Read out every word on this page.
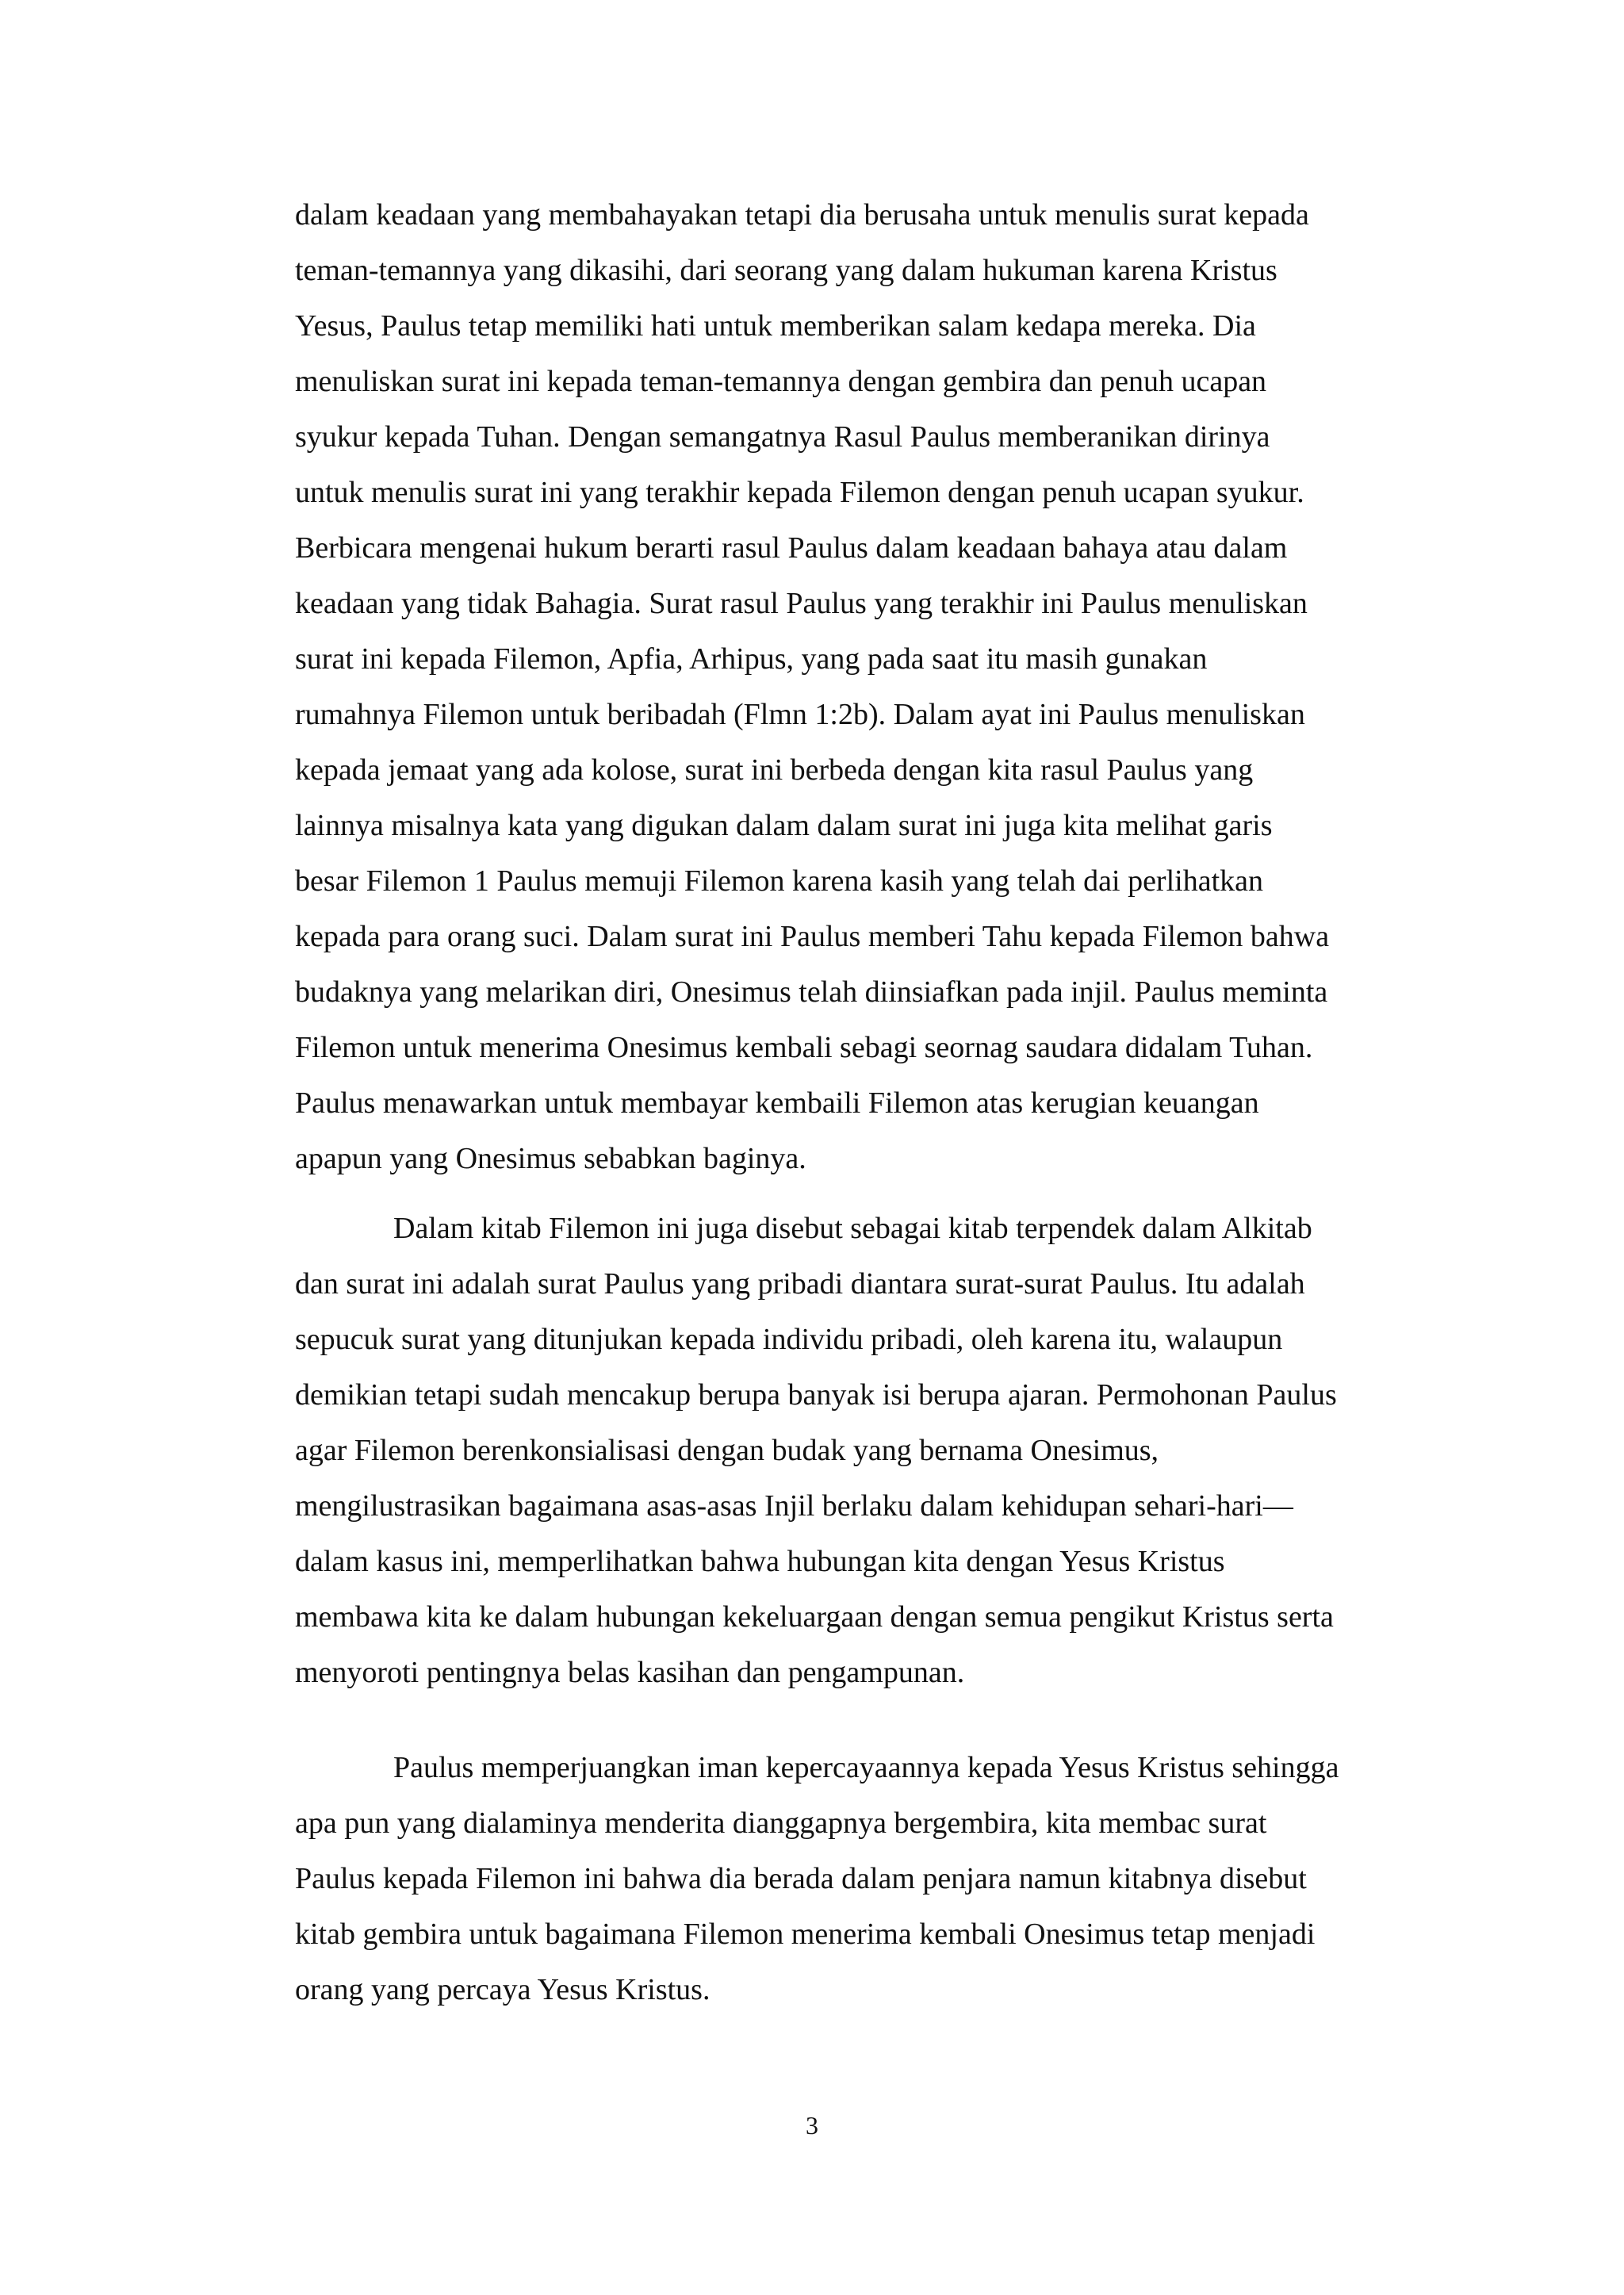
dalam keadaan yang membahayakan tetapi dia berusaha untuk menulis surat kepada
teman-temannya yang dikasihi, dari seorang yang dalam hukuman karena Kristus
Yesus, Paulus tetap memiliki hati untuk memberikan salam kedapa mereka. Dia
menuliskan surat ini kepada teman-temannya dengan gembira dan penuh ucapan
syukur kepada Tuhan. Dengan semangatnya Rasul Paulus memberanikan dirinya
untuk menulis surat ini yang terakhir kepada Filemon dengan penuh ucapan syukur.
Berbicara mengenai hukum berarti rasul Paulus dalam keadaan bahaya atau dalam
keadaan yang tidak Bahagia. Surat rasul Paulus yang terakhir ini Paulus menuliskan
surat ini kepada Filemon, Apfia, Arhipus, yang pada saat itu masih gunakan
rumahnya Filemon untuk beribadah (Flmn 1:2b). Dalam ayat ini Paulus menuliskan
kepada jemaat yang ada kolose, surat ini berbeda dengan kita rasul Paulus yang
lainnya misalnya kata yang digukan dalam dalam surat ini juga kita melihat garis
besar Filemon 1 Paulus memuji Filemon karena kasih yang telah dai perlihatkan
kepada para orang suci. Dalam surat ini Paulus memberi Tahu kepada Filemon bahwa
budaknya yang melarikan diri, Onesimus telah diinsiafkan pada injil. Paulus meminta
Filemon untuk menerima Onesimus kembali sebagi seornag saudara didalam Tuhan.
Paulus menawarkan untuk membayar kembaili Filemon atas kerugian keuangan
apapun yang Onesimus sebabkan baginya.
Dalam kitab Filemon ini juga disebut sebagai kitab terpendek dalam Alkitab
dan surat ini adalah surat Paulus yang pribadi diantara surat-surat Paulus. Itu adalah
sepucuk surat yang ditunjukan kepada individu pribadi, oleh karena itu, walaupun
demikian tetapi sudah mencakup berupa banyak isi berupa ajaran. Permohonan Paulus
agar Filemon berenkonsialisasi dengan budak yang bernama Onesimus,
mengilustrasikan bagaimana asas-asas Injil berlaku dalam kehidupan sehari-hari—
dalam kasus ini, memperlihatkan bahwa hubungan kita dengan Yesus Kristus
membawa kita ke dalam hubungan kekeluargaan dengan semua pengikut Kristus serta
menyoroti pentingnya belas kasihan dan pengampunan.
Paulus memperjuangkan iman kepercayaannya kepada Yesus Kristus sehingga
apa pun yang dialaminya menderita dianggapnya bergembira, kita membac surat
Paulus kepada Filemon ini bahwa dia berada dalam penjara namun kitabnya disebut
kitab gembira untuk bagaimana Filemon menerima kembali Onesimus tetap menjadi
orang yang percaya Yesus Kristus.
3
